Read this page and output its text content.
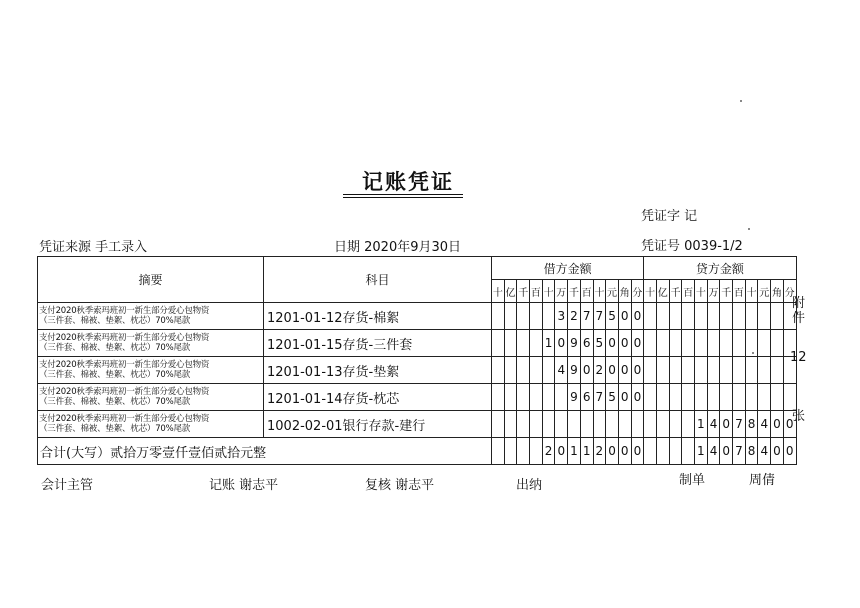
记账凭证
凭证字 记
凭证来源 手工录入	日期 2020年9月30日	凭证号 0039-1/2
摘要	科目	借方金额												贷方金额											
		十	亿	千	百	十	万	千	百	十	元	角	分	十	亿	千	百	十	万	千	百	十	元	角	分

支付2020秋季索玛班初一新生部分爱心包物资
（三件套、棉被、垫絮、枕芯）70%尾款	1201-01-12存货-棉絮						3	2	7	7	5	0	0												

支付2020秋季索玛班初一新生部分爱心包物资
（三件套、棉被、垫絮、枕芯）70%尾款	1201-01-15存货-三件套					1	0	9	6	5	0	0	0												

支付2020秋季索玛班初一新生部分爱心包物资
（三件套、棉被、垫絮、枕芯）70%尾款	1201-01-13存货-垫絮						4	9	0	2	0	0	0												

支付2020秋季索玛班初一新生部分爱心包物资
（三件套、棉被、垫絮、枕芯）70%尾款	1201-01-14存货-枕芯							9	6	7	5	0	0												

支付2020秋季索玛班初一新生部分爱心包物资
（三件套、棉被、垫絮、枕芯）70%尾款	1002-02-01银行存款-建行																	1	4	0	7	8	4	0	0
合计(大写）贰拾万零壹仟壹佰贰拾元整						2	0	1	1	2	0	0	0					1	4	0	7	8	4	0	0
附
件
12
张
会计主管	记账 谢志平	复核 谢志平	出纳	制单	周倩
